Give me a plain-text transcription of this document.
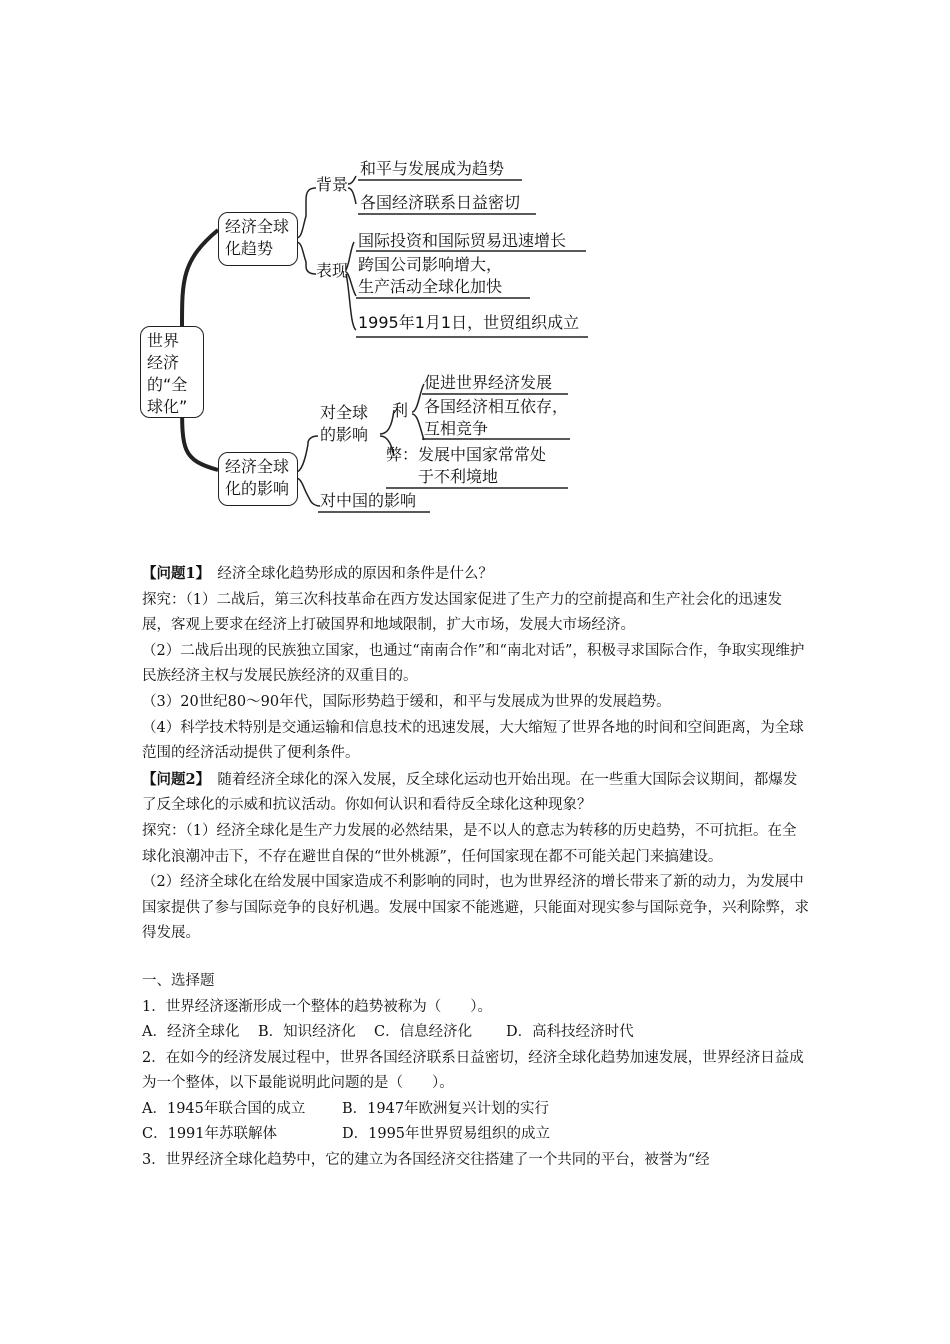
世界
经济
的“全
球化”
经济全球
化趋势
背景
和平与发展成为趋势
各国经济联系日益密切
表现
国际投资和国际贸易迅速增长
跨国公司影响增大，
生产活动全球化加快
1995年1月1日，世贸组织成立
经济全球
化的影响
对全球
的影响
利
促进世界经济发展
各国经济相互依存，
互相竞争
弊：发展中国家常常处
　　于不利境地
对中国的影响

【问题1】　 经济全球化趋势形成的原因和条件是什么？

探究：（1）二战后，第三次科技革命在西方发达国家促进了生产力的空前提高和生产社会化的迅速发展，客观上要求在经济上打破国界和地域限制，扩大市场，发展大市场经济。

（2）二战后出现的民族独立国家，也通过“南南合作”和“南北对话”，积极寻求国际合作，争取实现维护民族经济主权与发展民族经济的双重目的。

（3）20世纪80～90年代，国际形势趋于缓和，和平与发展成为世界的发展趋势。

（4）科学技术特别是交通运输和信息技术的迅速发展，大大缩短了世界各地的时间和空间距离，为全球范围的经济活动提供了便利条件。

【问题2】　 随着经济全球化的深入发展，反全球化运动也开始出现。在一些重大国际会议期间，都爆发了反全球化的示威和抗议活动。你如何认识和看待反全球化这种现象？

探究：（1）经济全球化是生产力发展的必然结果，是不以人的意志为转移的历史趋势，不可抗拒。在全球化浪潮冲击下，不存在避世自保的“世外桃源”，任何国家现在都不可能关起门来搞建设。

（2）经济全球化在给发展中国家造成不利影响的同时，也为世界经济的增长带来了新的动力，为发展中国家提供了参与国际竞争的良好机遇。发展中国家不能逃避，只能面对现实参与国际竞争，兴利除弊，求得发展。

一、选择题

1．世界经济逐渐形成一个整体的趋势被称为（　　）。

A．经济全球化	B．知识经济化	C．信息经济化	D．高科技经济时代

2．在如今的经济发展过程中，世界各国经济联系日益密切，经济全球化趋势加速发展，世界经济日益成为一个整体，以下最能说明此问题的是（　　）。

A．1945年联合国的成立	B．1947年欧洲复兴计划的实行

C．1991年苏联解体	D．1995年世界贸易组织的成立

3．世界经济全球化趋势中，它的建立为各国经济交往搭建了一个共同的平台，被誉为“经
